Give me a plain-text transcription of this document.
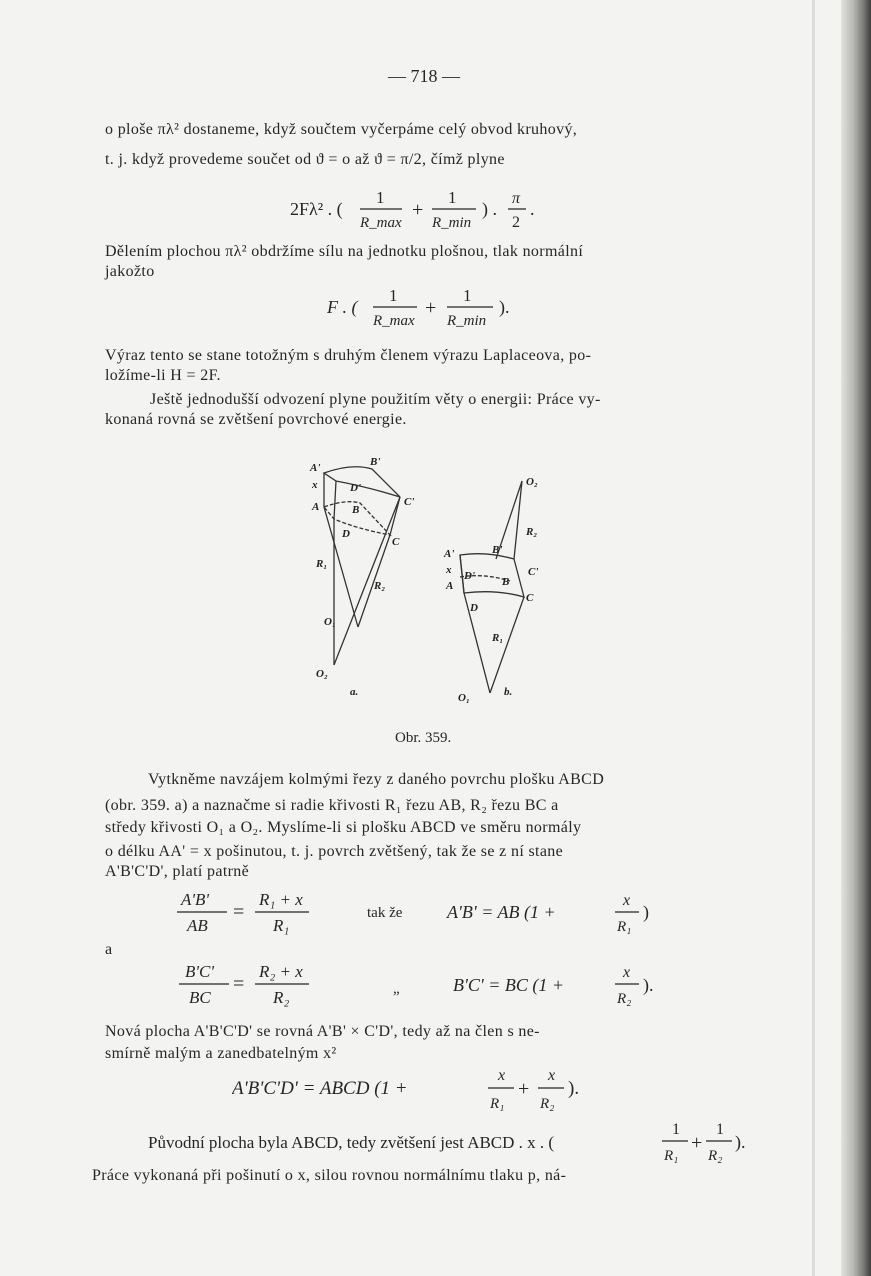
— 718 —
o ploše πλ² dostaneme, když součtem vyčerpáme celý obvod kruhový,
t. j. když provedeme součet od ϑ = o až ϑ = π/2, čímž plyne
2Fλ² . (
1
R_max
+
1
R_min
) .
π
2
.
Dělením plochou πλ² obdržíme sílu na jednotku plošnou, tlak normální
jakožto
F . (
1
R_max
+
1
R_min
).
Výraz tento se stane totožným s druhým členem výrazu Laplaceova, po-
ložíme-li H = 2F.
Ještě jednodušší odvození plyne použitím věty o energii: Práce vy-
konaná rovná se zvětšení povrchové energie.
A'	B'
x	D'
C'
A	B
D
C
R₁
R₂
O₁
O₂
a.
O₂
R₂
A'	B'
x D' B
C'
A
C
D
R₁
O₁	b.
Obr. 359.
Vytkněme navzájem kolmými řezy z daného povrchu plošku ABCD
(obr. 359. a) a naznačme si radie křivosti R₁ řezu AB, R₂ řezu BC a
středy křivosti O₁ a O₂. Myslíme-li si plošku ABCD ve směru normály
o délku AA' = x pošinutou, t. j. povrch zvětšený, tak že se z ní stane
A'B'C'D', platí patrně
A'B'
AB
=
R₁ + x
R₁
tak že A'B' = AB (1 +
x
R₁
)
a
B'C'
BC
=
R₂ + x
R₂	„	B'C' = BC (1 +
x
R₂
).
Nová plocha A'B'C'D' se rovná A'B' × C'D', tedy až na člen s ne-
smírně malým a zanedbatelným x²
A'B'C'D' = ABCD (1 +
x
R₁
+
x
R₂
).
Původní plocha byla ABCD, tedy zvětšení jest ABCD . x . (
1
R₁
+
1
R₂
).
Práce vykonaná při pošinutí o x, silou rovnou normálnímu tlaku p, ná-
